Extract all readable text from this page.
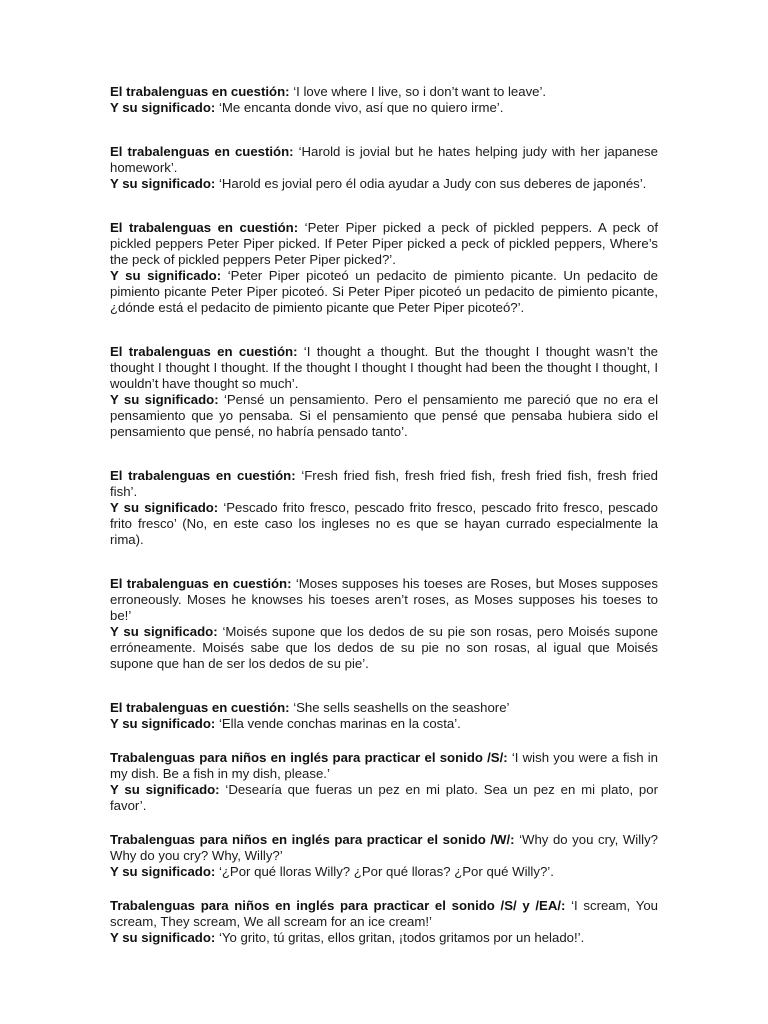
El trabalenguas en cuestión: ‘I love where I live, so i don’t want to leave’.

Y su significado: ‘Me encanta donde vivo, así que no quiero irme’.

El trabalenguas en cuestión: ‘Harold is jovial but he hates helping judy with her japanese homework’.

Y su significado: ‘Harold es jovial pero él odia ayudar a Judy con sus deberes de japonés’.

El trabalenguas en cuestión: ‘Peter Piper picked a peck of pickled peppers. A peck of pickled peppers Peter Piper picked. If Peter Piper picked a peck of pickled peppers, Where’s the peck of pickled peppers Peter Piper picked?’.

Y su significado: ‘Peter Piper picoteó un pedacito de pimiento picante. Un pedacito de pimiento picante Peter Piper picoteó. Si Peter Piper picoteó un pedacito de pimiento picante, ¿dónde está el pedacito de pimiento picante que Peter Piper picoteó?’.

El trabalenguas en cuestión: ‘I thought a thought. But the thought I thought wasn’t the thought I thought I thought. If the thought I thought I thought had been the thought I thought, I wouldn’t have thought so much’.

Y su significado: ‘Pensé un pensamiento. Pero el pensamiento me pareció que no era el pensamiento que yo pensaba. Si el pensamiento que pensé que pensaba hubiera sido el pensamiento que pensé, no habría pensado tanto’.

El trabalenguas en cuestión: ‘Fresh fried fish, fresh fried fish, fresh fried fish, fresh fried fish’.

Y su significado: ‘Pescado frito fresco, pescado frito fresco, pescado frito fresco, pescado frito fresco’ (No, en este caso los ingleses no es que se hayan currado especialmente la rima).

El trabalenguas en cuestión: ‘Moses supposes his toeses are Roses, but Moses supposes erroneously. Moses he knowses his toeses aren’t roses, as Moses supposes his toeses to be!’

Y su significado: ‘Moisés supone que los dedos de su pie son rosas, pero Moisés supone erróneamente. Moisés sabe que los dedos de su pie no son rosas, al igual que Moisés supone que han de ser los dedos de su pie’.

El trabalenguas en cuestión: ‘She sells seashells on the seashore’

Y su significado: ‘Ella vende conchas marinas en la costa’.

Trabalenguas para niños en inglés para practicar el sonido /S/: ‘I wish you were a fish in my dish. Be a fish in my dish, please.’

Y su significado: ‘Desearía que fueras un pez en mi plato. Sea un pez en mi plato, por favor’.

Trabalenguas para niños en inglés para practicar el sonido /W/: ‘Why do you cry, Willy? Why do you cry? Why, Willy?’

Y su significado: ‘¿Por qué lloras Willy? ¿Por qué lloras? ¿Por qué Willy?’.

Trabalenguas para niños en inglés para practicar el sonido /S/ y /EA/: ‘I scream, You scream, They scream, We all scream for an ice cream!’

Y su significado: ‘Yo grito, tú gritas, ellos gritan, ¡todos gritamos por un helado!’.
